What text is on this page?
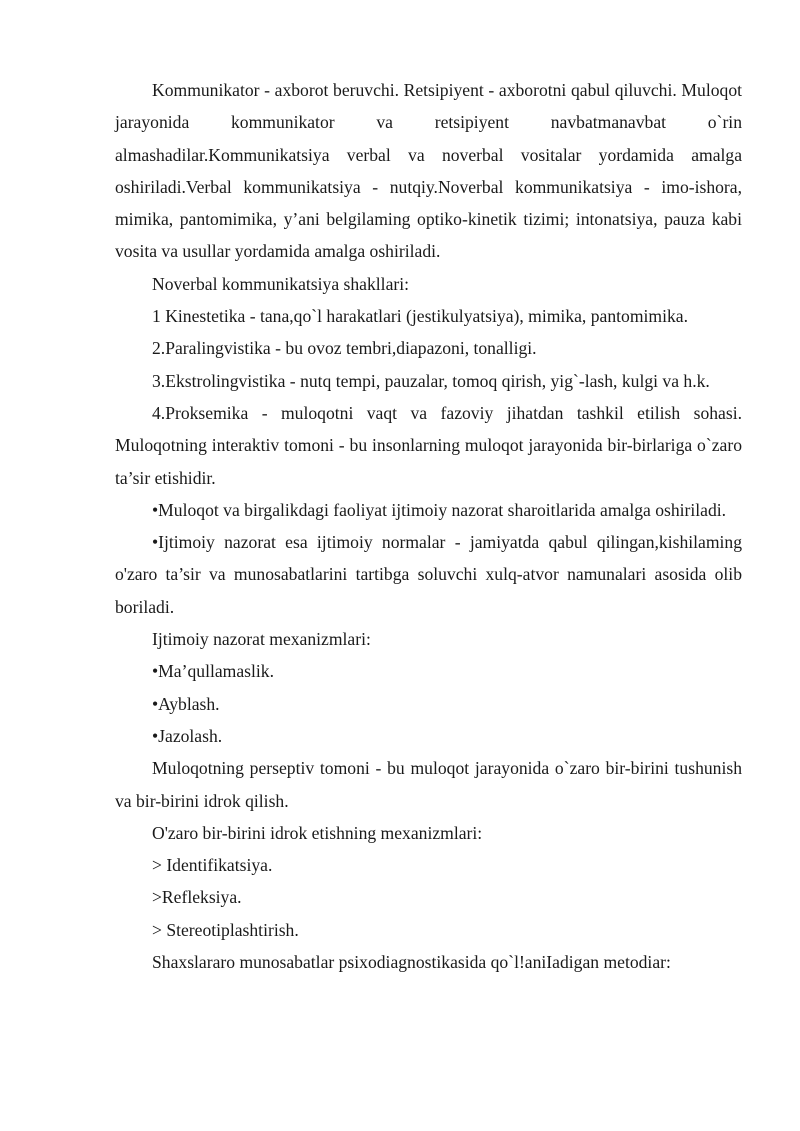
Kommunikator - axborot beruvchi. Retsipiyent - axborotni qabul qiluvchi. Muloqot jarayonida kommunikator va retsipiyent navbatmanavbat o`rin almashadilar.Kommunikatsiya verbal va noverbal vositalar yordamida amalga oshiriladi.Verbal kommunikatsiya - nutqiy.Noverbal kommunikatsiya - imo-ishora, mimika, pantomimika, y’ani belgilaming optiko-kinetik tizimi; intonatsiya, pauza kabi vosita va usullar yordamida amalga oshiriladi.

Noverbal kommunikatsiya shakllari:

1 Kinestetika - tana,qo`l harakatlari (jestikulyatsiya), mimika, pantomimika.

2.Paralingvistika - bu ovoz tembri,diapazoni, tonalligi.

3.Ekstrolingvistika - nutq tempi, pauzalar, tomoq qirish, yig`-lash, kulgi va h.k.

4.Proksemika - muloqotni vaqt va fazoviy jihatdan tashkil etilish sohasi. Muloqotning interaktiv tomoni - bu insonlarning muloqot jarayonida bir-birlariga o`zaro ta’sir etishidir.

•Muloqot va birgalikdagi faoliyat ijtimoiy nazorat sharoitlarida amalga oshiriladi.

•Ijtimoiy nazorat esa ijtimoiy normalar - jamiyatda qabul qilingan,kishilaming o'zaro ta’sir va munosabatlarini tartibga soluvchi xulq-atvor namunalari asosida olib boriladi.

Ijtimoiy nazorat mexanizmlari:

•Ma’qullamaslik.

•Ayblash.

•Jazolash.

Muloqotning perseptiv tomoni - bu muloqot jarayonida o`zaro bir-birini tushunish va bir-birini idrok qilish.

O'zaro bir-birini idrok etishning mexanizmlari:

> Identifikatsiya.

>Refleksiya.

> Stereotiplashtirish.

Shaxslararo munosabatlar psixodiagnostikasida qo`l!aniIadigan metodiar:
